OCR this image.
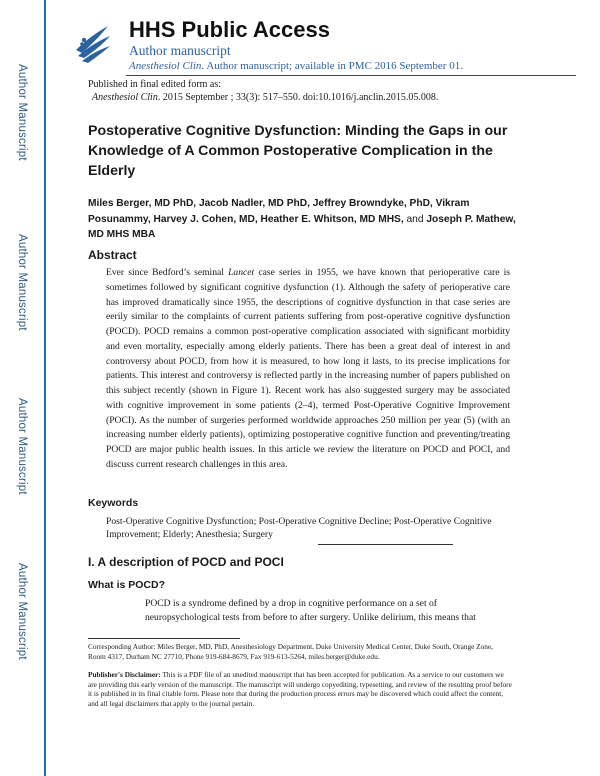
Author Manuscript
Author Manuscript
Author Manuscript
Author Manuscript
HHS Public Access
Author manuscript
Anesthesiol Clin. Author manuscript; available in PMC 2016 September 01.
Published in final edited form as:
Anesthesiol Clin. 2015 September ; 33(3): 517–550. doi:10.1016/j.anclin.2015.05.008.
Postoperative Cognitive Dysfunction: Minding the Gaps in our Knowledge of A Common Postoperative Complication in the Elderly
Miles Berger, MD PhD, Jacob Nadler, MD PhD, Jeffrey Browndyke, PhD, Vikram Posunammy, Harvey J. Cohen, MD, Heather E. Whitson, MD MHS, and Joseph P. Mathew, MD MHS MBA
Abstract
Ever since Bedford’s seminal Lancet case series in 1955, we have known that perioperative care is sometimes followed by significant cognitive dysfunction (1). Although the safety of perioperative care has improved dramatically since 1955, the descriptions of cognitive dysfunction in that case series are eerily similar to the complaints of current patients suffering from post-operative cognitive dysfunction (POCD). POCD remains a common post-operative complication associated with significant morbidity and even mortality, especially among elderly patients. There has been a great deal of interest in and controversy about POCD, from how it is measured, to how long it lasts, to its precise implications for patients. This interest and controversy is reflected partly in the increasing number of papers published on this subject recently (shown in Figure 1). Recent work has also suggested surgery may be associated with cognitive improvement in some patients (2–4), termed Post-Operative Cognitive Improvement (POCI). As the number of surgeries performed worldwide approaches 250 million per year (5) (with an increasing number elderly patients), optimizing postoperative cognitive function and preventing/treating POCD are major public health issues. In this article we review the literature on POCD and POCI, and discuss current research challenges in this area.
Keywords
Post-Operative Cognitive Dysfunction; Post-Operative Cognitive Decline; Post-Operative Cognitive Improvement; Elderly; Anesthesia; Surgery
I. A description of POCD and POCI
What is POCD?
POCD is a syndrome defined by a drop in cognitive performance on a set of neuropsychological tests from before to after surgery. Unlike delirium, this means that
Corresponding Author: Miles Berger, MD, PhD, Anesthesiology Department, Duke University Medical Center, Duke South, Orange Zone, Room 4317, Durham NC 27710, Phone 919-684-8679, Fax 919-613-5264, miles.berger@duke.edu.
Publisher's Disclaimer: This is a PDF file of an unedited manuscript that has been accepted for publication. As a service to our customers we are providing this early version of the manuscript. The manuscript will undergo copyediting, typesetting, and review of the resulting proof before it is published in its final citable form. Please note that during the production process errors may be discovered which could affect the content, and all legal disclaimers that apply to the journal pertain.
